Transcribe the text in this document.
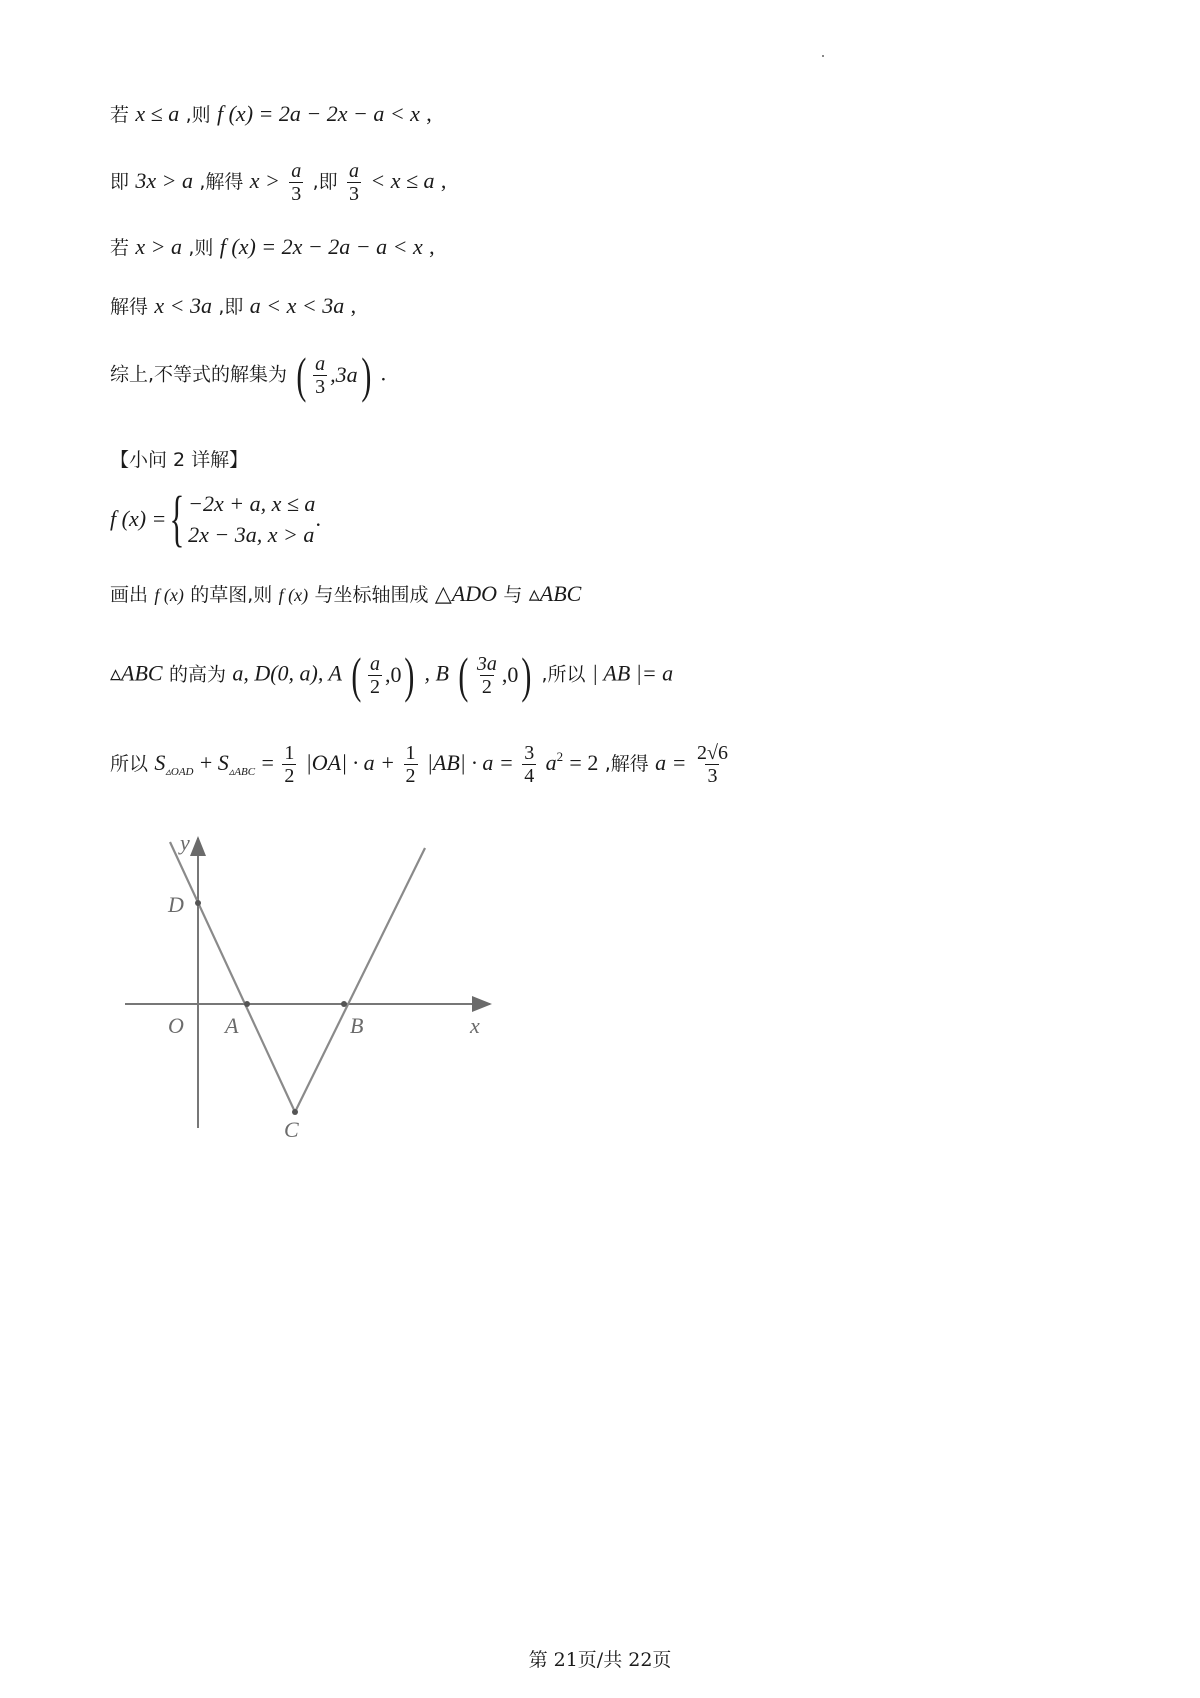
若 x ≤ a ,则 f (x) = 2a − 2x − a < x ,
即 3x > a ,解得 $x > \frac{a}{3}$ ,即 $\frac{a}{3} < x \le a$ ,
若 x > a ,则 f (x) = 2x − 2a − a < x ,
解得 x < 3a ,即 a < x < 3a ,
综上,不等式的解集为 ( $\frac{a}{3} ,3a$ ) .
【小问 2 详解】
f (x) = { −2x + a, x ≤ a
2x − 3a, x > a
.
画出 f (x) 的草图,则 f (x) 与坐标轴围成 △ADO 与 ▵ABC
▵ABC 的高为 a, D(0, a), A ( $\frac{a}{2} ,0$ ) , B ( $\frac{3a}{2} ,0$ ) ,所以 | AB |= a
所以 $S_{▵OAD} + S_{▵ABC} = \frac{1}{2} |OA| \cdot a + \frac{1}{2} |AB| \cdot a = \frac{3}{4} a^2 = 2$ ,解得 $a = \frac{2√6}{3}$
y
D
O A	B	x
C
第 21页/共 22页
